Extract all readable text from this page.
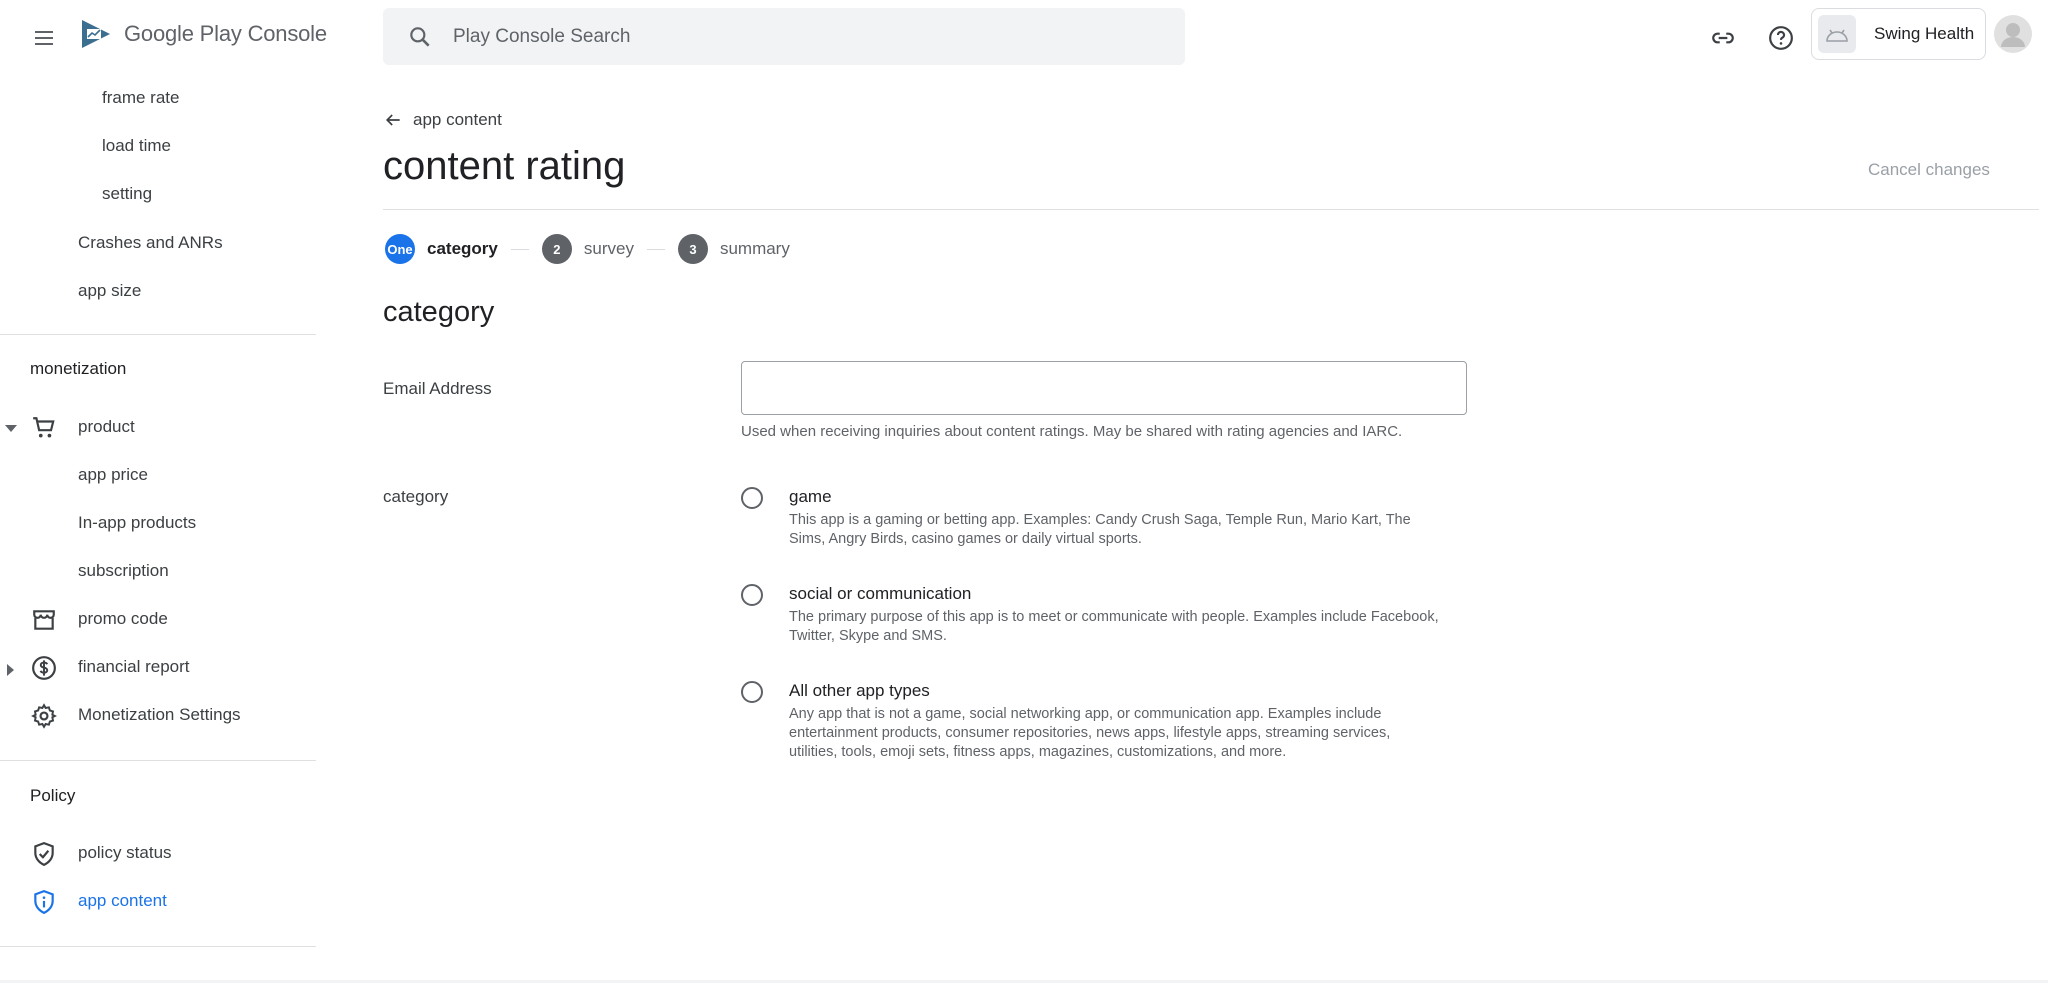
Google Play Console
Play Console Search	Swing Health
frame rate
load time
setting
Crashes and ANRs
app size
monetization
product
app price
In-app products
subscription
promo code
financial report
Monetization Settings
Policy
policy status
app content
app content
content rating	Cancel changes
One category	2	survey	3	summary
category
Email Address
Used when receiving inquiries about content ratings. May be shared with rating agencies and IARC.
category	game
This app is a gaming or betting app. Examples: Candy Crush Saga, Temple Run, Mario Kart, The Sims, Angry Birds, casino games or daily virtual sports.
social or communication
The primary purpose of this app is to meet or communicate with people. Examples include Facebook, Twitter, Skype and SMS.
All other app types
Any app that is not a game, social networking app, or communication app. Examples include entertainment products, consumer repositories, news apps, lifestyle apps, streaming services, utilities, tools, emoji sets, fitness apps, magazines, customizations, and more.
